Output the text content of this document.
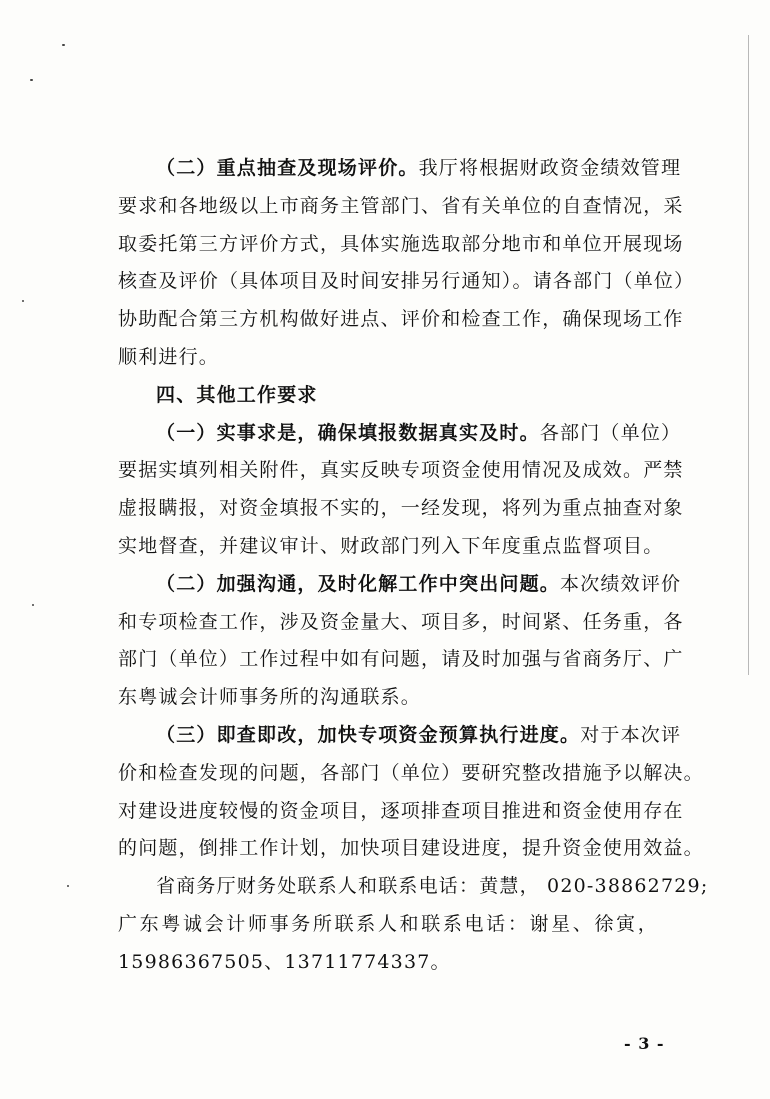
（二）重点抽查及现场评价。我厅将根据财政资金绩效管理
要求和各地级以上市商务主管部门、省有关单位的自查情况，采
取委托第三方评价方式，具体实施选取部分地市和单位开展现场
核查及评价（具体项目及时间安排另行通知）。请各部门（单位）
协助配合第三方机构做好进点、评价和检查工作，确保现场工作
顺利进行。
四、其他工作要求
（一）实事求是，确保填报数据真实及时。各部门（单位）
要据实填列相关附件，真实反映专项资金使用情况及成效。严禁
虚报瞒报，对资金填报不实的，一经发现，将列为重点抽查对象
实地督查，并建议审计、财政部门列入下年度重点监督项目。
（二）加强沟通，及时化解工作中突出问题。本次绩效评价
和专项检查工作，涉及资金量大、项目多，时间紧、任务重，各
部门（单位）工作过程中如有问题，请及时加强与省商务厅、广
东粤诚会计师事务所的沟通联系。
（三）即查即改，加快专项资金预算执行进度。对于本次评
价和检查发现的问题，各部门（单位）要研究整改措施予以解决。
对建设进度较慢的资金项目，逐项排查项目推进和资金使用存在
的问题，倒排工作计划，加快项目建设进度，提升资金使用效益。
省商务厅财务处联系人和联系电话：黄慧， 020-38862729;
广东粤诚会计师事务所联系人和联系电话：谢星、徐寅，
15986367505、13711774337。
- 3 -
